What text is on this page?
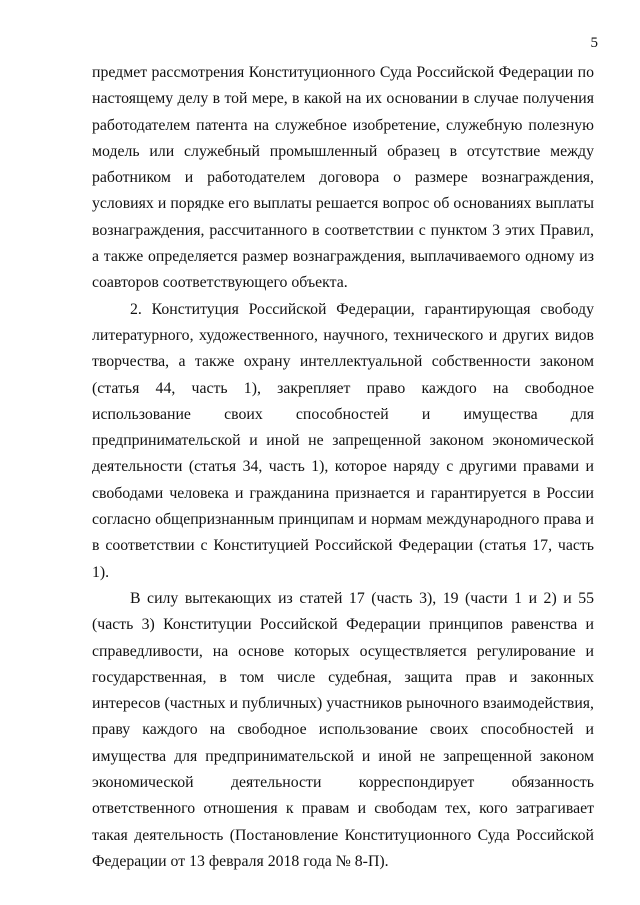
5
предмет рассмотрения Конституционного Суда Российской Федерации по
настоящему делу в той мере, в какой на их основании в случае получения
работодателем патента на служебное изобретение, служебную полезную
модель или служебный промышленный образец в отсутствие между
работником и работодателем договора о размере вознаграждения,
условиях и порядке его выплаты решается вопрос об основаниях выплаты
вознаграждения, рассчитанного в соответствии с пунктом 3 этих Правил,
а также определяется размер вознаграждения, выплачиваемого одному из
соавторов соответствующего объекта.
2. Конституция Российской Федерации, гарантирующая свободу
литературного, художественного, научного, технического и других видов
творчества, а также охрану интеллектуальной собственности законом
(статья 44, часть 1), закрепляет право каждого на свободное
использование своих способностей и имущества для
предпринимательской и иной не запрещенной законом экономической
деятельности (статья 34, часть 1), которое наряду с другими правами и
свободами человека и гражданина признается и гарантируется в России
согласно общепризнанным принципам и нормам международного права и
в соответствии с Конституцией Российской Федерации (статья 17, часть
1).
В силу вытекающих из статей 17 (часть 3), 19 (части 1 и 2) и 55
(часть 3) Конституции Российской Федерации принципов равенства и
справедливости, на основе которых осуществляется регулирование и
государственная, в том числе судебная, защита прав и законных
интересов (частных и публичных) участников рыночного взаимодействия,
праву каждого на свободное использование своих способностей и
имущества для предпринимательской и иной не запрещенной законом
экономической деятельности корреспондирует обязанность
ответственного отношения к правам и свободам тех, кого затрагивает
такая деятельность (Постановление Конституционного Суда Российской
Федерации от 13 февраля 2018 года № 8-П).
